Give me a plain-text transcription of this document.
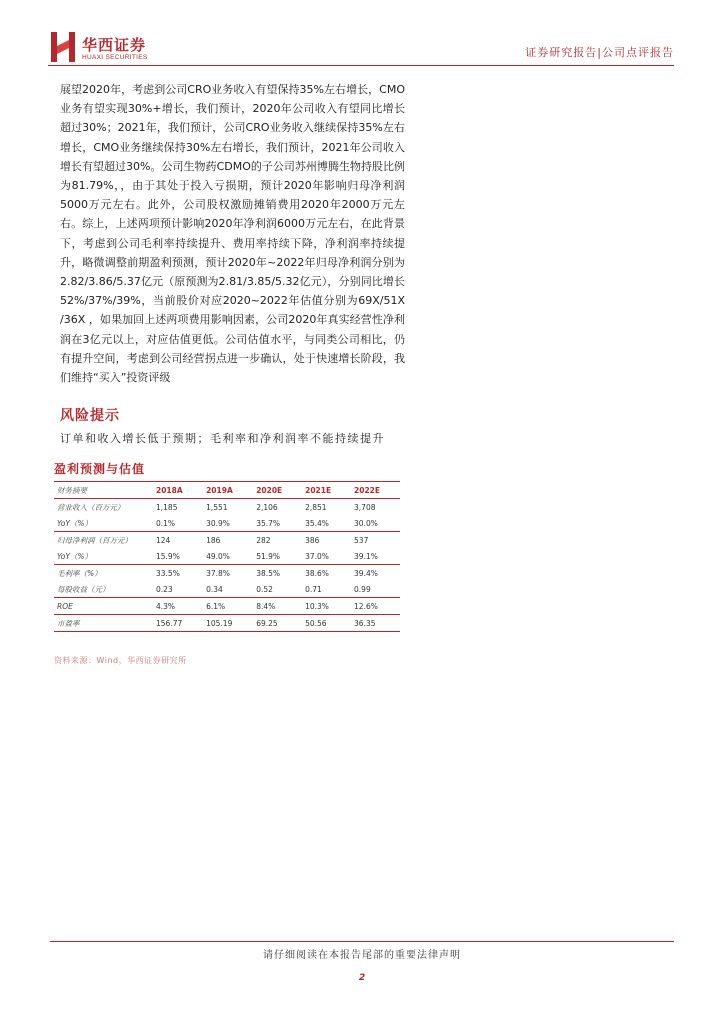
华西证券
HUAXI SECURITIES	证券研究报告|公司点评报告

展望2020年，考虑到公司CRO业务收入有望保持35%左右增长，CMO业务有望实现30%+增长，我们预计，2020年公司收入有望同比增长超过30%；2021年，我们预计，公司CRO业务收入继续保持35%左右增长，CMO业务继续保持30%左右增长，我们预计，2021年公司收入增长有望超过30%。公司生物药CDMO的子公司苏州博腾生物持股比例为81.79%，，由于其处于投入亏损期，预计2020年影响归母净利润5000万元左右。此外，公司股权激励摊销费用2020年2000万元左右。综上，上述两项预计影响2020年净利润6000万元左右，在此背景下，考虑到公司毛利率持续提升、费用率持续下降，净利润率持续提升，略微调整前期盈利预测，预计2020年~2022年归母净利润分别为2.82/3.86/5.37亿元（原预测为2.81/3.85/5.32亿元），分别同比增长52%/37%/39%，当前股价对应2020~2022年估值分别为69X/51X /36X ，如果加回上述两项费用影响因素，公司2020年真实经营性净利润在3亿元以上，对应估值更低。公司估值水平，与同类公司相比，仍有提升空间，考虑到公司经营拐点进一步确认，处于快速增长阶段，我们维持“买入”投资评级

风险提示
订单和收入增长低于预期；毛利率和净利润率不能持续提升
盈利预测与估值
财务摘要	2018A	2019A	2020E	2021E	2022E
营业收入（百万元）	1,185	1,551	2,106	2,851	3,708
YoY（%）	0.1%	30.9%	35.7%	35.4%	30.0%
归母净利润（百万元）	124	186	282	386	537
YoY（%）	15.9%	49.0%	51.9%	37.0%	39.1%
毛利率（%）	33.5%	37.8%	38.5%	38.6%	39.4%
每股收益（元）	0.23	0.34	0.52	0.71	0.99
ROE	4.3%	6.1%	8.4%	10.3%	12.6%
市盈率	156.77	105.19	69.25	50.56	36.35
资料来源：Wind，华西证券研究所
请仔细阅读在本报告尾部的重要法律声明
2
